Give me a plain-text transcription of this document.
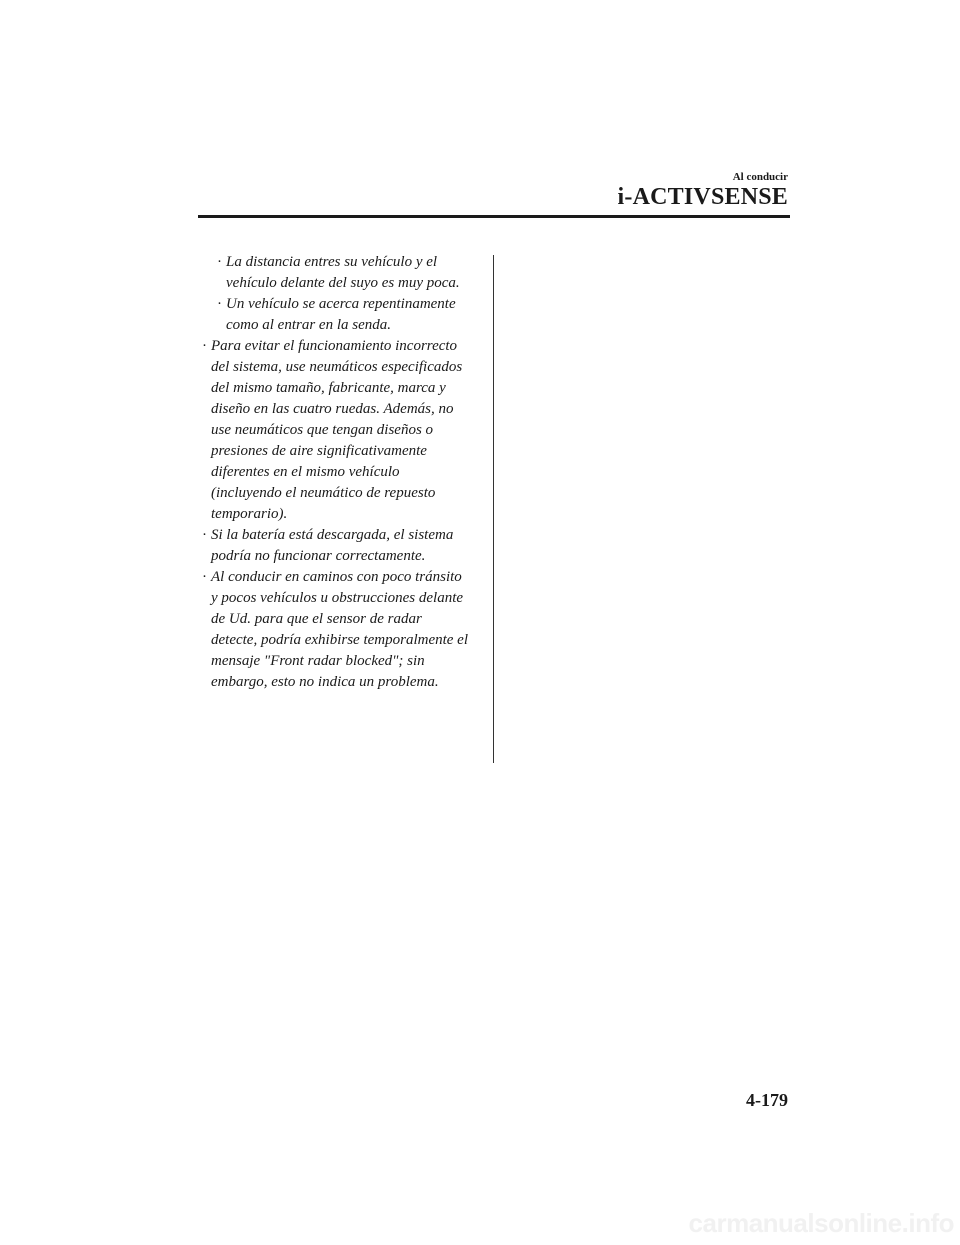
Al conducir
i-ACTIVSENSE
· La distancia entres su vehículo y el vehículo delante del suyo es muy poca.
· Un vehículo se acerca repentinamente como al entrar en la senda.
· Para evitar el funcionamiento incorrecto del sistema, use neumáticos especificados del mismo tamaño, fabricante, marca y diseño en las cuatro ruedas. Además, no use neumáticos que tengan diseños o presiones de aire significativamente diferentes en el mismo vehículo (incluyendo el neumático de repuesto temporario).
· Si la batería está descargada, el sistema podría no funcionar correctamente.
· Al conducir en caminos con poco tránsito y pocos vehículos u obstrucciones delante de Ud. para que el sensor de radar detecte, podría exhibirse temporalmente el mensaje "Front radar blocked"; sin embargo, esto no indica un problema.
4-179
carmanualsonline.info
